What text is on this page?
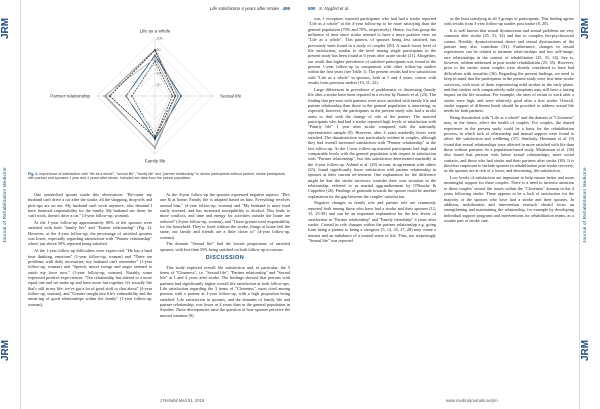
JRM
Journal of Rehabilitation Medicine
JRM
Life satisfaction 4 years after stroke 499
20
40
60
80
100
Life as a whole
Sexual life
Family life
Partner relationship
Fig. 2. Importance of satisfaction with "life as a whole", "sexual life", "family life" and "partner relationship" in stroke participants without partner, stroke participants with partner and spouses 1 year and 4 years after stroke. Included are data from the paired population.

One unsatisfied spouse made this observation: "Be-cause my husband can't drive a car after the stroke, all the shopping, drop-offs and pick-ups are on me. My husband can't work anymore, who demand I have financial responsibility for the family. My husband sits there; he can't work, doesn't drive a car." (4-year follow-up, woman).

At the 1-year follow-up approximately 88% of the spouses were satisfied with both "family life" and "Partner relationship" (Fig. 2). However, at the 4-year follow-up, the percentage of satisfied spouses was lower, especially regarding satisfaction with "Partner relationship" where just above 50% reported being satisfied.

At the 1-year follow-up difficulties were expres-sed: "He has a hard time thinking, emotions" (1-year follow-up, woman) and "There are problems with daily necessities; my husband can't remember" (1-year follow-up, woman) and "Speech, mood swings and anger seemed to outdo my force now." (1-year follow-up, woman). Notably, some expressed positive expe-riences: "Our relationship has altered to a more equal one and we make up and have more fun together. It's actually life that's still in my life; we've got a lot of good stuff to chat about" (4-year follow-up, woman), and "Greater insight into life's vulnerability and the mean-ing of good relationships within the family" (1-year follow-up, woman).

At the 4-year follow-up the spouses expressed negative aspects: "He's one & at home; Family life is adapted based on him. Everything revolves around him." (4-year follow-up, woman) and "My husband is more tired easily stressed, and has increased susceptibility to alcohol. This leads to more conflicts, and time and energy for activities outside the home are reduced" (4-year follow-up, woman), and "I have greater total responsibility for the household. They're fixed without the stroke, things at home feel the same, our family and friends are a little closer to" (4-year follow-up, woman).

The domain "Sexual life" had the lowest proportions of satisfied spouses, with less than 35% being satisfied on both follow-up occasions.

DISCUSSION

This study explored overall life satisfaction and, in particular, the 5 items of "Closeness", i.e. "Sexual life", "Partner relationship" and "Sexual life" at 1 and 4 years after stroke. The findings showed that persons with partners had significantly higher overall life satisfaction at both follow-ups. Life satisfaction regarding the 3 items of "Closeness", most cited among persons with a partner at 1-year follow-up, with a high proportion being satisfied. Life satisfaction in spouses, and the domains of family life and partner relationship, was lower at 4 years than in the general population in Sweden. These discrepancies raise the question of how spouses perceive the mutual situation (9).

J Rehabil Med 51, 2019
JRM
Journal of Rehabilitation Medicine
JRM
500 S. Nygård et al.

was 1 exception: married participants who had had a stroke reported "Life as a whole" at the 4-year follow-up to be more satisfying than the general population (79% and 70%, respectively). Hence, for this group the influence of time since stroke seemed to have a more positive view on "Life as a whole". This pattern, of spouses being less satisfied, has previously been found in a study of couples (29). A much lower level of life satisfaction, similar to the level among single participants in the present study has been found at 6 years after acute stroke (21). Altogether, our result that higher prevalence of satisfied participants was found in the present 1-year follow-up in comparison with other follow-up studies within the first years (see Table 1). The present results had low satisfaction with "Life as a whole" in spouses, both at 1 and 4 years, concur with results from previous studies (10, 11, 22).

Large differences in prevalence of problematic or distressing (family life after a stroke have been reported in a review by Barnett et al. (23). The finding that per-sons with partners were more satisfied with family life and partner relationship than those in the general population is interesting, as expected; however, the participants in the present study who had a stroke seem to deal with the change of role of the partner. The married participants who had had a stroke reported high levels of satisfaction with "Family life" 1 year after stroke compared with the nationally representative sample (9). However, after 4 years markedly fewer were satisfied. The dissatisfaction was particularly evident in couples, although they had overall increased satisfaction with "Partner relationship" at the last follow-up. At the 1-year follow-up married participants had high and comparable levels with the general population with respect to satisfaction with "Partner relationship", but this satisfaction deteriorated markedly at the 4-year follow-up. Aslund et al. (20) in turn, in agreement with others (25), found significantly lower satisfaction with partner relationship in spouses at their current ret-irement. One explanation for the difference might be that the stroke survivors consider their own situation in the relationship, referred to as marital aggrandizement by O'Rourke & Cappeliez (26). Findings of gratitude towards the spouse could be another explanation for the gap between the couples' satisfaction.

Negative changes in family role and partner role are commonly reported both among those who have had a stroke and their spouses (12, 15, 25-30) and can be an important explanation for the low levels of satisfaction in "Partner relationship" and "Family friendship" 4 years after stroke. Caused in role changes within the partner relationship e.g. going from being a partner to being a caregiver (5, 12, 25, 27, 28) may create a tension and an imbalance of a mutual sense of life. Thus, not surprisingly "Sexual life" was reported

as the least satisfying in all 3 groups of participants. This finding agrees with results from 3-year follow-up studies post stroke (8, 20).

It is well known that sexual dysfunctions and sexual problems are very common after stroke (25, 31, 32) and due to complex bio-psychosocial causes. Notably, dysmotor/sexual desire and sexual dysfunctions of the partner may also contribute (33). Furthermore, changes in sexual experiences can be related to intimate relati-onships and low self-image, rare relationships in the context of rehabilitation (25, 31, 34). Sex is, however, seldom addressed in post stroke rehabilitation (25, 35). However, prior to the stroke, some couples were already considered to have had difficulties with sexuality (36). Regarding the present findings, we need to keep in mind that the participants in the present study were first-time stroke survivors, with most of them experiencing mild strokes in the early phase, and that strokes with comparatively mild symptoms may still have a lasting impact on the life situation. For example, the rates of return to work after a stroke were high, and were relatively good after a first stroke. Overall, stroke support of different kinds should be provided to address sexual life needs for both partners.

Being dissatisfied with "Life as a whole" and the domain of "Closeness" may, in the future, affect the health of couples. For couples, the shared experience in the present study could be a basis for the rehabilitation process, in which lack of relationship and mutual support were found to affect life satisfaction and wellbeing (37). Similarly, Hermann et al. (9) found that sexual relationships were affected in more satisfied with life than those without partners. In a population-based study, Martinsson et al. (38) also found that persons with better sexual relationships, more social contacts, and those who had stroke and their partners after stroke (38). It is therefore important to include spouses in rehabilitation post-stroke recovery, as the spouses are at risk of a lower, and decreasing, life satisfaction.

Low levels of satisfaction are important to help ensure better and more meaningful support for these couples. There is a need to increase attention to these couples' sexual life issues within the "Closeness" domain in the 4 years following stroke. There appears to be a lack of satisfaction for the majority of the spouses who have had a stroke and their spouses. In addition, mobilization and intervention research should focus on strengthening and maintaining the relationship, for example by developing individual support programs and interventions for rehabilitation teams, as a routine part of stroke care.

www.medicaljournals.se/jrm
